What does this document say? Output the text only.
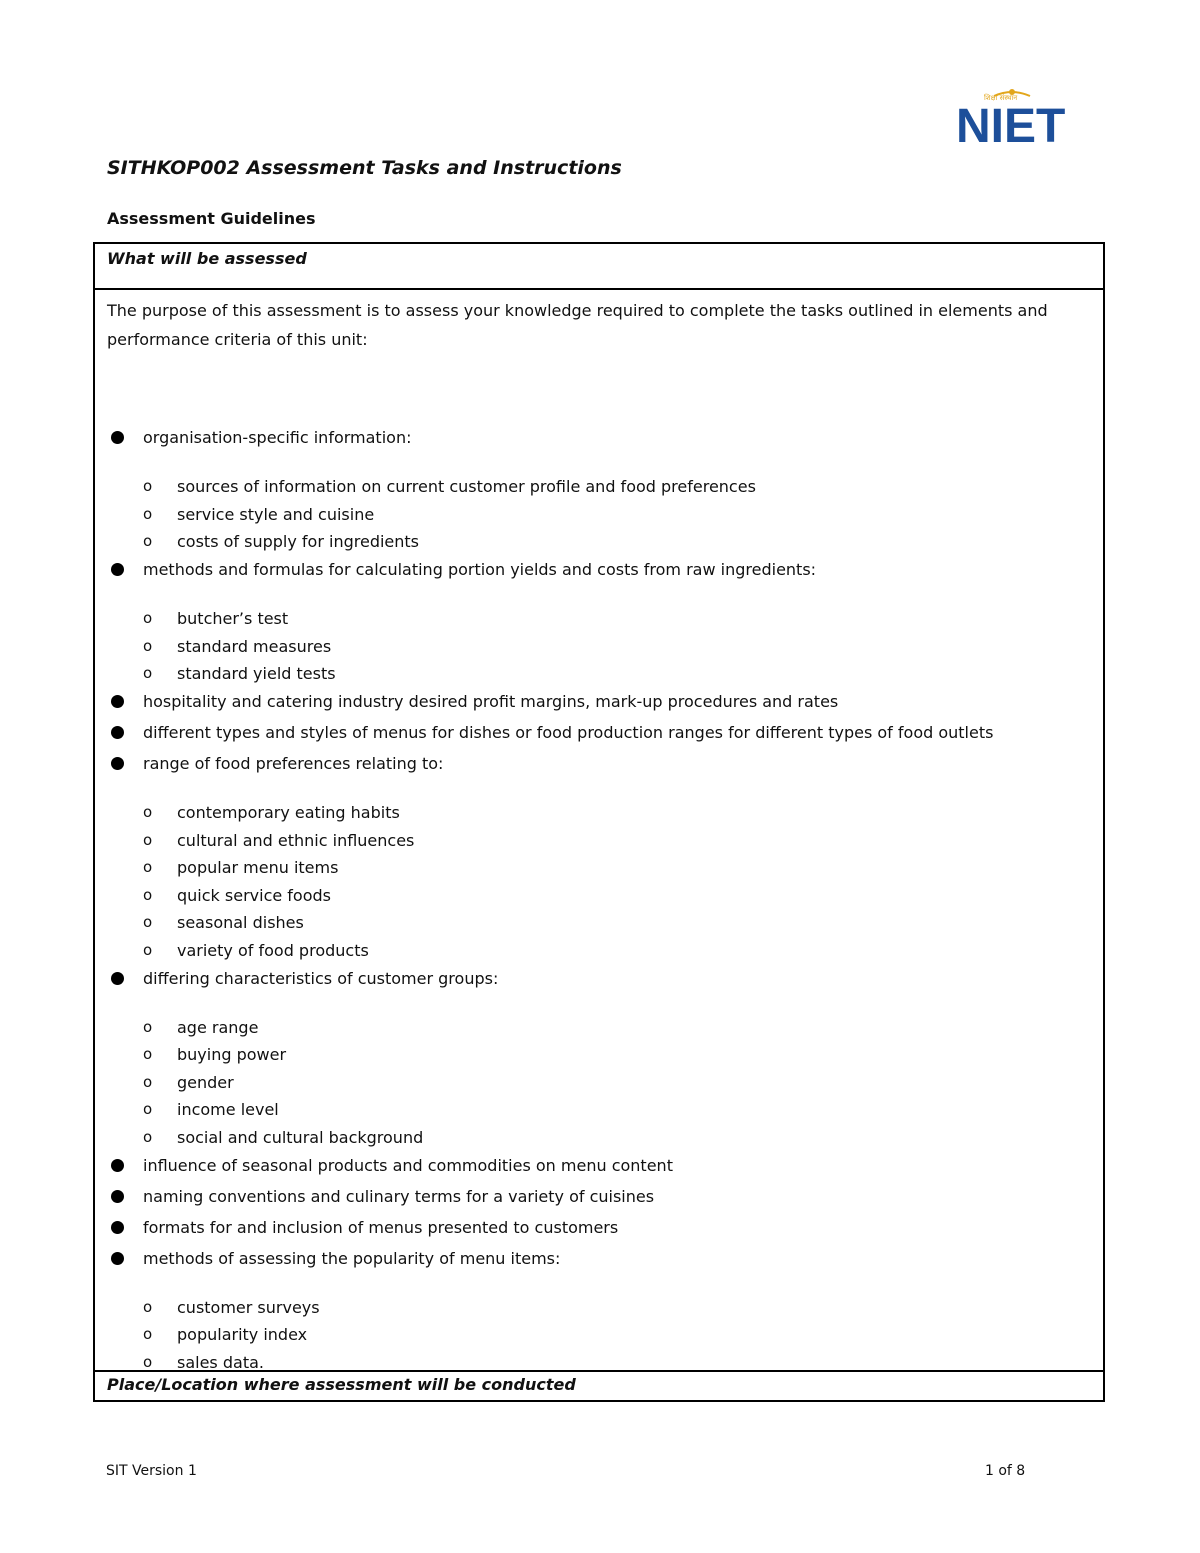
शिक्षा संस्थान
NIET
SITHKOP002 Assessment Tasks and Instructions
Assessment Guidelines
What will be assessed
The purpose of this assessment is to assess your knowledge required to complete the tasks outlined in elements and performance criteria of this unit:
organisation-specific information:
o sources of information on current customer profile and food preferences
o service style and cuisine
o costs of supply for ingredients
methods and formulas for calculating portion yields and costs from raw ingredients:
o butcher’s test
o standard measures
o standard yield tests
hospitality and catering industry desired profit margins, mark-up procedures and rates
different types and styles of menus for dishes or food production ranges for different types of food outlets
range of food preferences relating to:
o contemporary eating habits
o cultural and ethnic influences
o popular menu items
o quick service foods
o seasonal dishes
o variety of food products
differing characteristics of customer groups:
o age range
o buying power
o gender
o income level
o social and cultural background
influence of seasonal products and commodities on menu content
naming conventions and culinary terms for a variety of cuisines
formats for and inclusion of menus presented to customers
methods of assessing the popularity of menu items:
o customer surveys
o popularity index
o sales data.
Place/Location where assessment will be conducted
SIT Version 1	1 of 8
